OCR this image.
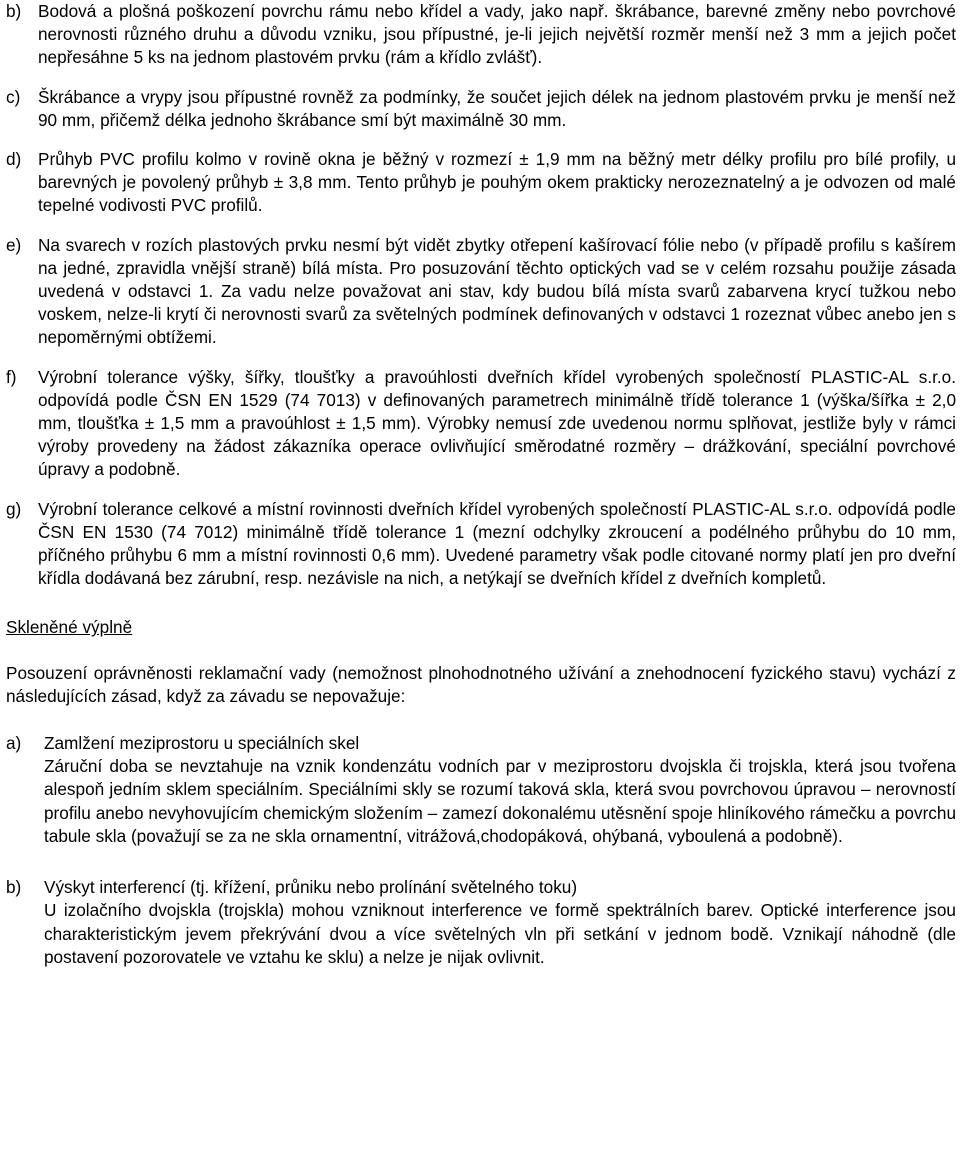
b) Bodová a plošná poškození povrchu rámu nebo křídel a vady, jako např. škrábance, barevné změny nebo povrchové nerovnosti různého druhu a důvodu vzniku, jsou přípustné, je-li jejich největší rozměr menší než 3 mm a jejich počet nepřesáhne 5 ks na jednom plastovém prvku (rám a křídlo zvlášť).
c)	Škrábance a vrypy jsou přípustné rovněž za podmínky, že součet jejich délek na jednom plastovém prvku je menší než 90 mm, přičemž délka jednoho škrábance smí být maximálně 30 mm.
d) Průhyb PVC profilu kolmo v rovině okna je běžný v rozmezí ± 1,9 mm na běžný metr délky profilu pro bílé profily, u barevných je povolený průhyb ± 3,8 mm. Tento průhyb je pouhým okem prakticky nerozeznatelný a je odvozen od malé tepelné vodivosti PVC profilů.
e) Na svarech v rozích plastových prvku nesmí být vidět zbytky otřepení kašírovací fólie nebo (v případě profilu s kašírem na jedné, zpravidla vnější straně) bílá místa. Pro posuzování těchto optických vad se v celém rozsahu použije zásada uvedená v odstavci 1. Za vadu nelze považovat ani stav, kdy budou bílá místa svarů zabarvena krycí tužkou nebo voskem, nelze-li krytí či nerovnosti svarů za světelných podmínek definovaných v odstavci 1 rozeznat vůbec anebo jen s nepoměrnými obtížemi.
f)	Výrobní tolerance výšky, šířky, tloušťky a pravoúhlosti dveřních křídel vyrobených společností PLASTIC-AL s.r.o. odpovídá podle ČSN EN 1529 (74 7013) v definovaných parametrech minimálně třídě tolerance 1 (výška/šířka ± 2,0 mm, tloušťka ± 1,5 mm a pravoúhlost ± 1,5 mm). Výrobky nemusí zde uvedenou normu splňovat, jestliže byly v rámci výroby provedeny na žádost zákazníka operace ovlivňující směrodatné rozměry – drážkování, speciální povrchové úpravy a podobně.
g) Výrobní tolerance celkové a místní rovinnosti dveřních křídel vyrobených společností PLASTIC-AL s.r.o. odpovídá podle ČSN EN 1530 (74 7012) minimálně třídě tolerance 1 (mezní odchylky zkroucení a podélného průhybu do 10 mm, příčného průhybu 6 mm a místní rovinnosti 0,6 mm). Uvedené parametry však podle citované normy platí jen pro dveřní křídla dodávaná bez zárubní, resp. nezávisle na nich, a netýkají se dveřních křídel z dveřních kompletů.
Skleněné výplně
Posouzení oprávněnosti reklamační vady (nemožnost plnohodnotného užívání a znehodnocení fyzického stavu) vychází z následujících zásad, když za závadu se nepovažuje:
a)	Zamlžení meziprostoru u speciálních skel
Záruční doba se nevztahuje na vznik kondenzátu vodních par v meziprostoru dvojskla či trojskla, která jsou tvořena alespoň jedním sklem speciálním. Speciálními skly se rozumí taková skla, která svou povrchovou úpravou – nerovností profilu anebo nevyhovujícím chemickým složením – zamezí dokonalému utěsnění spoje hliníkového rámečku a povrchu tabule skla (považují se za ne skla ornamentní, vitrážová,chodopáková, ohýbaná, vyboulená a podobně).
b)	Výskyt interferencí (tj. křížení, průniku nebo prolínání světelného toku)
U izolačního dvojskla (trojskla) mohou vzniknout interference ve formě spektrálních barev. Optické interference jsou charakteristickým jevem překrývání dvou a více světelných vln při setkání v jednom bodě. Vznikají náhodně (dle postavení pozorovatele ve vztahu ke sklu) a nelze je nijak ovlivnit.
